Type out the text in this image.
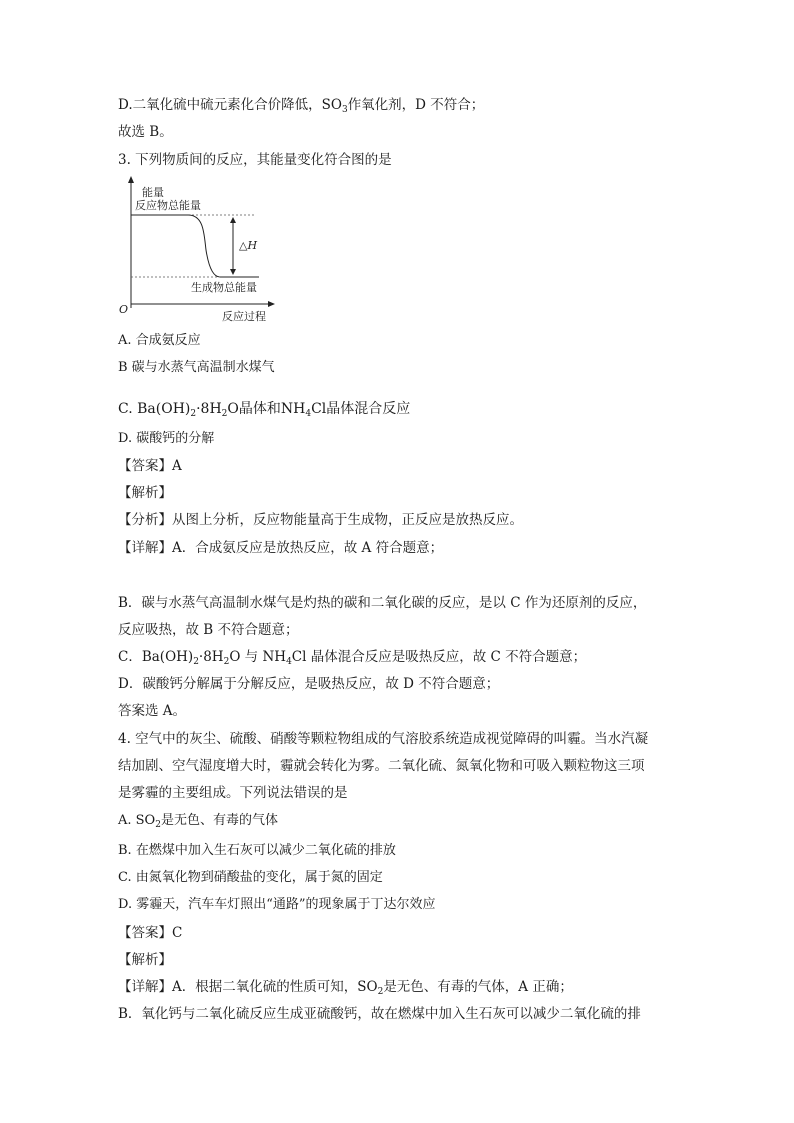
D.二氧化硫中硫元素化合价降低，$SO_3$作氧化剂，D 不符合；
故选 B。
3. 下列物质间的反应，其能量变化符合图的是
能量
反应物总能量
△H
生成物总能量
O
反应过程
A. 合成氨反应
B 碳与水蒸气高温制水煤气
C. $Ba(OH)_2\cdot 8H_2O$晶体和$NH_4Cl$晶体混合反应
D. 碳酸钙的分解
【答案】A
【解析】
【分析】从图上分析，反应物能量高于生成物，正反应是放热反应。
【详解】A．合成氨反应是放热反应，故 A 符合题意；
B．碳与水蒸气高温制水煤气是灼热的碳和二氧化碳的反应，是以 C 作为还原剂的反应，
反应吸热，故 B 不符合题意；
C．$Ba(OH)_2\cdot 8H_2O$ 与 $NH_4Cl$ 晶体混合反应是吸热反应，故 C 不符合题意；
D．碳酸钙分解属于分解反应，是吸热反应，故 D 不符合题意；
答案选 A。
4. 空气中的灰尘、硫酸、硝酸等颗粒物组成的气溶胶系统造成视觉障碍的叫霾。当水汽凝
结加剧、空气湿度增大时，霾就会转化为雾。二氧化硫、氮氧化物和可吸入颗粒物这三项
是雾霾的主要组成。下列说法错误的是
A. $SO_2$是无色、有毒的气体
B. 在燃煤中加入生石灰可以减少二氧化硫的排放
C. 由氮氧化物到硝酸盐的变化，属于氮的固定
D. 雾霾天，汽车车灯照出“通路”的现象属于丁达尔效应
【答案】C
【解析】
【详解】A．根据二氧化硫的性质可知，$SO_2$是无色、有毒的气体，A 正确；
B．氧化钙与二氧化硫反应生成亚硫酸钙，故在燃煤中加入生石灰可以减少二氧化硫的排
